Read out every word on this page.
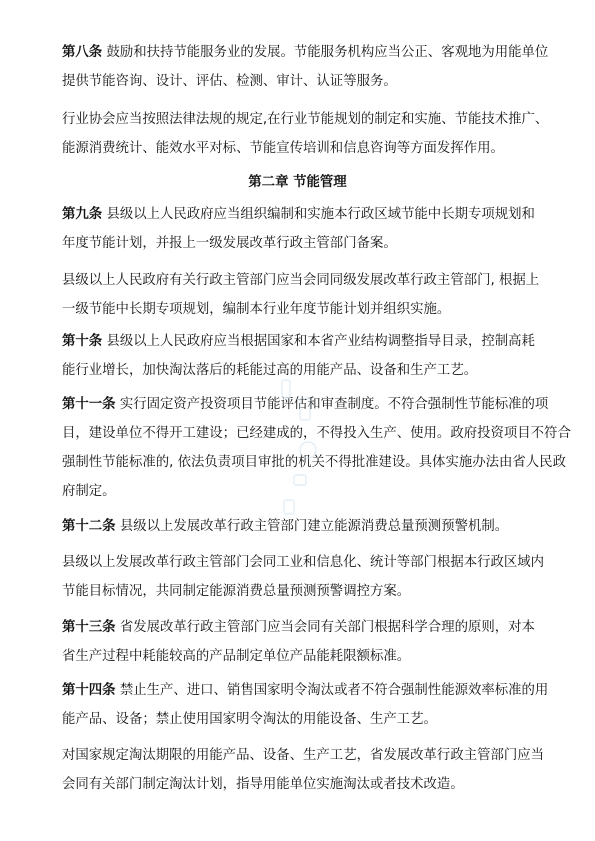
第八条 鼓励和扶持节能服务业的发展。节能服务机构应当公正、客观地为用能单位
提供节能咨询、设计、评估、检测、审计、认证等服务。
行业协会应当按照法律法规的规定,在行业节能规划的制定和实施、节能技术推广、
能源消费统计、能效水平对标、节能宣传培训和信息咨询等方面发挥作用。
第二章 节能管理
第九条 县级以上人民政府应当组织编制和实施本行政区域节能中长期专项规划和
年度节能计划，并报上一级发展改革行政主管部门备案。
县级以上人民政府有关行政主管部门应当会同同级发展改革行政主管部门, 根据上
一级节能中长期专项规划，编制本行业年度节能计划并组织实施。
第十条 县级以上人民政府应当根据国家和本省产业结构调整指导目录，控制高耗
能行业增长，加快淘汰落后的耗能过高的用能产品、设备和生产工艺。
第十一条 实行固定资产投资项目节能评估和审查制度。不符合强制性节能标准的项
目，建设单位不得开工建设；已经建成的，不得投入生产、使用。政府投资项目不符合
强制性节能标准的, 依法负责项目审批的机关不得批准建设。具体实施办法由省人民政
府制定。
第十二条 县级以上发展改革行政主管部门建立能源消费总量预测预警机制。
县级以上发展改革行政主管部门会同工业和信息化、统计等部门根据本行政区域内
节能目标情况，共同制定能源消费总量预测预警调控方案。
第十三条 省发展改革行政主管部门应当会同有关部门根据科学合理的原则，对本
省生产过程中耗能较高的产品制定单位产品能耗限额标准。
第十四条 禁止生产、进口、销售国家明令淘汰或者不符合强制性能源效率标准的用
能产品、设备；禁止使用国家明令淘汰的用能设备、生产工艺。
对国家规定淘汰期限的用能产品、设备、生产工艺，省发展改革行政主管部门应当
会同有关部门制定淘汰计划，指导用能单位实施淘汰或者技术改造。
